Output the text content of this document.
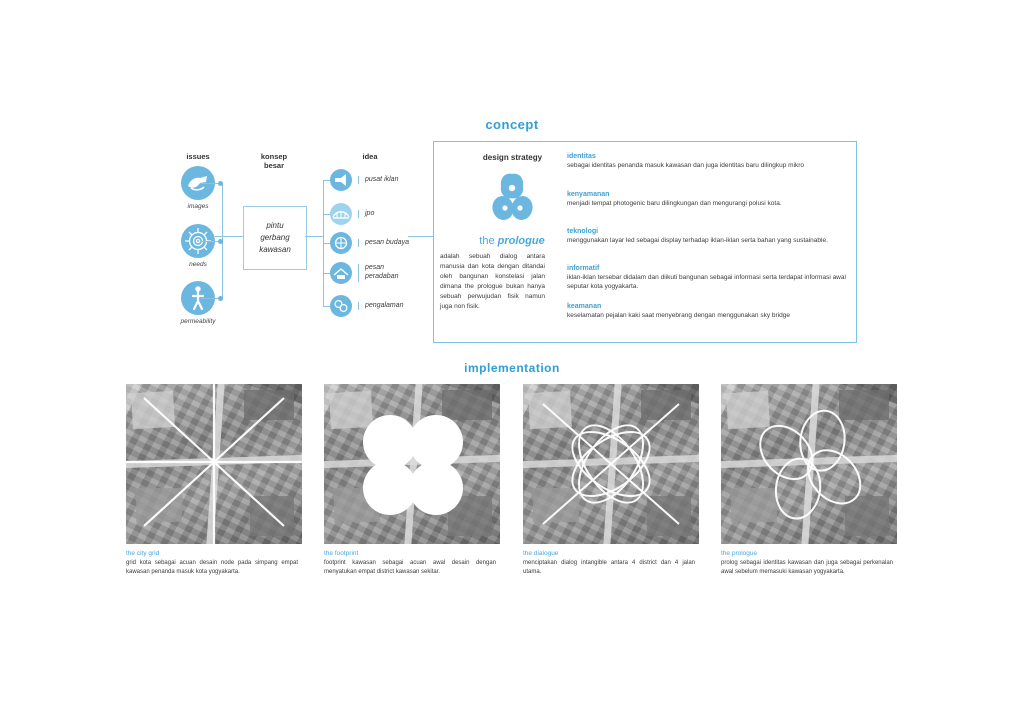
concept
issues	konsep
besar
idea
images
needs
permeability
pintu
gerbang
kawasan
pusat iklan
jpo
pesan budaya
pesan
peradaban
pengalaman
design strategy
the prologue
adalah sebuah dialog antara manusia dan kota dengan ditandai oleh bangunan konstelasi jalan dimana the prologue bukan hanya sebuah perwujudan fisik namun juga non fisik.
identitas
sebagai identitas penanda masuk kawasan dan juga identitas baru dilingkup mikro
kenyamanan
menjadi tempat photogenic baru dilingkungan dan mengurangi polusi kota.
teknologi
menggunakan layar led sebagai display terhadap iklan-iklan serta bahan yang sustainable.
informatif
iklan-iklan tersebar didalam dan diikuti bangunan sebagai informasi serta terdapat informasi awal seputar kota yogyakarta.
keamanan
keselamatan pejalan kaki saat menyebrang dengan menggunakan sky bridge
implementation
the city grid
grid kota sebagai acuan desain node pada simpang empat kawasan penanda masuk kota yogyakarta.
the footprint
footprint kawasan sebagai acuan awal desain dengan menyatukan empat district kawasan sekitar.
the dialogue
menciptakan dialog intangible antara 4 district dan 4 jalan utama.
the prologue
prolog sebagai identitas kawasan dan juga sebagai perkenalan awal sebelum memasuki kawasan yogyakarta.
